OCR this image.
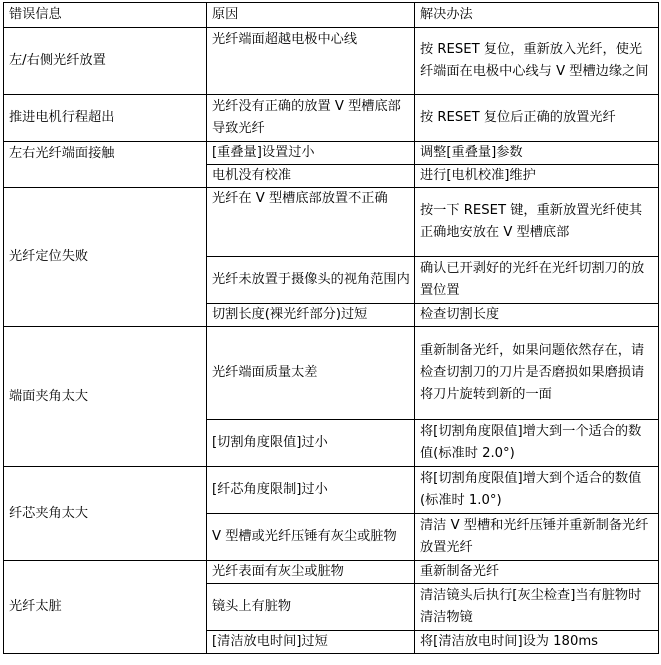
错误信息	原因	解决办法
左/右侧光纤放置	光纤端面超越电极中心线	按 RESET 复位，重新放入光纤，使光纤端面在电极中心线与 V 型槽边缘之间
推进电机行程超出	光纤没有正确的放置 V 型槽底部导致光纤	按 RESET 复位后正确的放置光纤
左右光纤端面接触	[重叠量]设置过小	调整[重叠量]参数
	电机没有校准	进行[电机校准]维护
光纤定位失败	光纤在 V 型槽底部放置不正确	按一下 RESET 键，重新放置光纤使其正确地安放在 V 型槽底部
	光纤未放置于摄像头的视角范围内	确认已开剥好的光纤在光纤切割刀的放置位置
	切割长度(裸光纤部分)过短	检查切割长度
端面夹角太大	光纤端面质量太差	重新制备光纤，如果问题依然存在，请检查切割刀的刀片是否磨损如果磨损请将刀片旋转到新的一面
	[切割角度限值]过小	将[切割角度限值]增大到一个适合的数值(标准时 2.0°)
纤芯夹角太大	[纤芯角度限制]过小	将[切割角度限值]增大到个适合的数值(标准时 1.0°)
	V 型槽或光纤压锤有灰尘或脏物	清洁 V 型槽和光纤压锤并重新制备光纤放置光纤
光纤太脏	光纤表面有灰尘或脏物	重新制备光纤
	镜头上有脏物	清洁镜头后执行[灰尘检查]当有脏物时清洁物镜
	[清洁放电时间]过短	将[清洁放电时间]设为 180ms
